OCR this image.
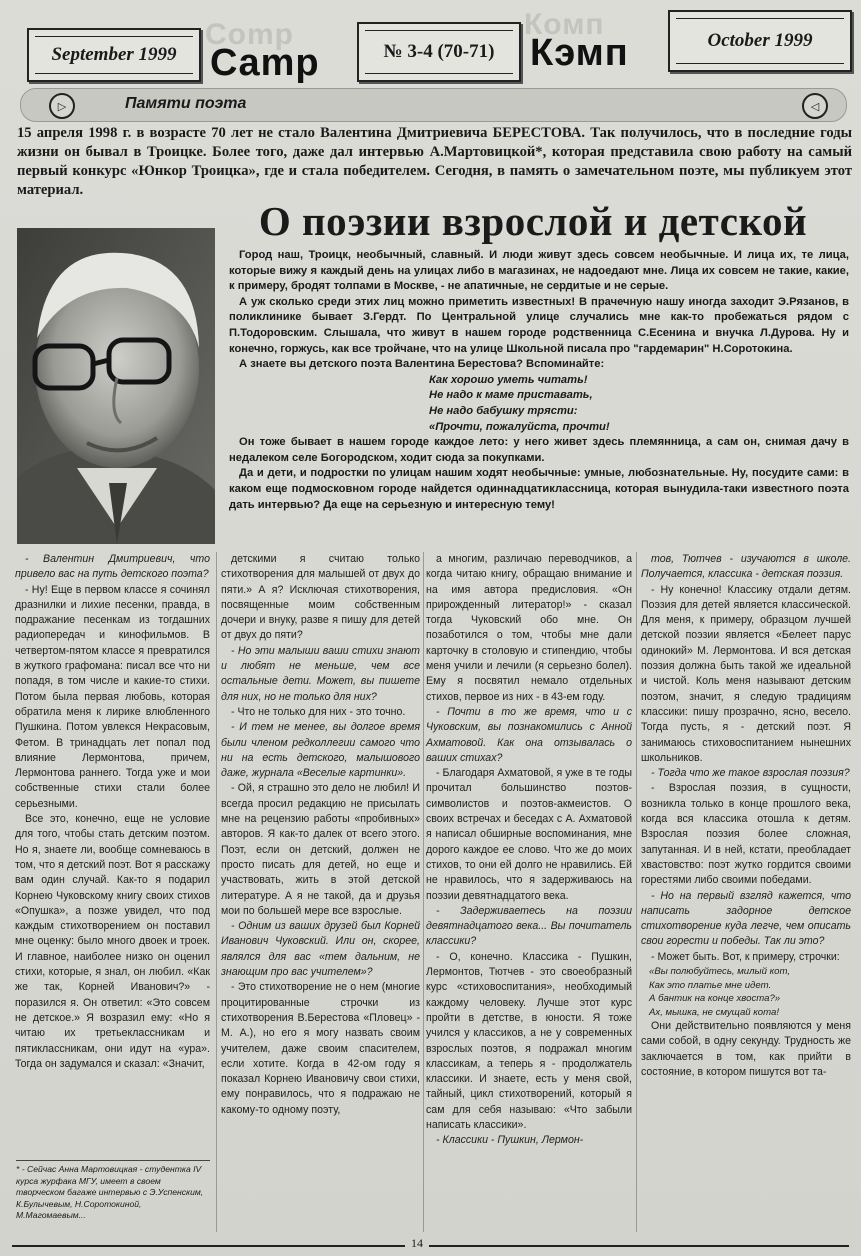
September 1999
Comp
Camp	№ 3-4 (70-71)
Комп
Кэмп	October 1999
▷	Памяти поэта	◁
15 апреля 1998 г. в возрасте 70 лет не стало Валентина Дмитриевича БЕРЕСТОВА. Так получилось, что в последние годы жизни он бывал в Троицке. Более того, даже дал интервью А.Мартовицкой*, которая представила свою работу на самый первый конкурс «Юнкор Троицка», где и стала победителем. Сегодня, в память о замечательном поэте, мы публикуем этот материал.
О поэзии взрослой и детской

Город наш, Троицк, необычный, славный. И люди живут здесь совсем необычные. И лица их, те лица, которые вижу я каждый день на улицах либо в магазинах, не надоедают мне. Лица их совсем не такие, какие, к примеру, бродят толпами в Москве, - не апатичные, не сердитые и не серые.

А уж сколько среди этих лиц можно приметить известных! В прачечную нашу иногда заходит Э.Рязанов, в поликлинике бывает З.Гердт. По Центральной улице случались мне как-то пробежаться рядом с П.Тодоровским. Слышала, что живут в нашем городе родственница С.Есенина и внучка Л.Дурова. Ну и конечно, горжусь, как все тройчане, что на улице Школьной писала про "гардемарин" Н.Соротокина.

А знаете вы детского поэта Валентина Берестова? Вспоминайте:

Как хорошо уметь читать!
Не надо к маме приставать,
Не надо бабушку трясти:
«Прочти, пожалуйста, прочти!

Он тоже бывает в нашем городе каждое лето: у него живет здесь племянница, а сам он, снимая дачу в недалеком селе Богородском, ходит сюда за покупками.

Да и дети, и подростки по улицам нашим ходят необычные: умные, любознательные. Ну, посудите сами: в каком еще подмосковном городе найдется одиннадцатиклассница, которая вынудила-таки известного поэта дать интервью? Да еще на серьезную и интересную тему!

- Валентин Дмитриевич, что привело вас на путь детского поэта?

- Ну! Еще в первом классе я сочинял дразнилки и лихие песенки, правда, в подражание песенкам из тогдашних радиопередач и кинофильмов. В четвертом-пятом классе я превратился в жуткого графомана: писал все что ни попадя, в том числе и какие-то стихи. Потом была первая любовь, которая обратила меня к лирике влюбленного Пушкина. Потом увлекся Некрасовым, Фетом. В тринадцать лет попал под влияние Лермонтова, причем, Лермонтова раннего. Тогда уже и мои собственные стихи стали более серьезными.

Все это, конечно, еще не условие для того, чтобы стать детским поэтом. Но я, знаете ли, вообще сомневаюсь в том, что я детский поэт. Вот я расскажу вам один случай. Как-то я подарил Корнею Чуковскому книгу своих стихов «Опушка», а позже увидел, что под каждым стихотворением он поставил мне оценку: было много двоек и троек. И главное, наиболее низко он оценил стихи, которые, я знал, он любил. «Как же так, Корней Иванович?» - поразился я. Он ответил: «Это совсем не детское.» Я возразил ему: «Но я читаю их третьеклассникам и пятиклассникам, они идут на «ура». Тогда он задумался и сказал: «Значит,

детскими я считаю только стихотворения для малышей от двух до пяти.» А я? Исключая стихотворения, посвященные моим собственным дочери и внуку, разве я пишу для детей от двух до пяти?

- Но эти малыши ваши стихи знают и любят не меньше, чем все остальные дети. Может, вы пишете для них, но не только для них?

- Что не только для них - это точно.

- И тем не менее, вы долгое время были членом редколлегии самого что ни на есть детского, малышового даже, журнала «Веселые картинки».

- Ой, я страшно это дело не любил! И всегда просил редакцию не присылать мне на рецензию работы «пробивных» авторов. Я как-то далек от всего этого. Поэт, если он детский, должен не просто писать для детей, но еще и участвовать, жить в этой детской литературе. А я не такой, да и друзья мои по большей мере все взрослые.

- Одним из ваших друзей был Корней Иванович Чуковский. Или он, скорее, являлся для вас «тем дальним, не знающим про вас учителем»?

- Это стихотворение не о нем (многие процитированные строчки из стихотворения В.Берестова «Пловец» - М. А.), но его я могу назвать своим учителем, даже своим спасителем, если хотите. Когда в 42-ом году я показал Корнею Ивановичу свои стихи, ему понравилось, что я подражаю не какому-то одному поэту,

а многим, различаю переводчиков, а когда читаю книгу, обращаю внимание и на имя автора предисловия. «Он прирожденный литератор!» - сказал тогда Чуковский обо мне. Он позаботился о том, чтобы мне дали карточку в столовую и стипендию, чтобы меня учили и лечили (я серьезно болел). Ему я посвятил немало отдельных стихов, первое из них - в 43-ем году.

- Почти в то же время, что и с Чуковским, вы познакомились с Анной Ахматовой. Как она отзывалась о ваших стихах?

- Благодаря Ахматовой, я уже в те годы прочитал большинство поэтов-символистов и поэтов-акмеистов. О своих встречах и беседах с А. Ахматовой я написал обширные воспоминания, мне дорого каждое ее слово. Что же до моих стихов, то они ей долго не нравились. Ей не нравилось, что я задерживаюсь на поэзии девятнадцатого века.

- Задерживаетесь на поэзии девятнадцатого века... Вы почитатель классики?

- О, конечно. Классика - Пушкин, Лермонтов, Тютчев - это своеобразный курс «стиховоспитания», необходимый каждому человеку. Лучше этот курс пройти в детстве, в юности. Я тоже учился у классиков, а не у современных взрослых поэтов, я подражал многим классикам, а теперь я - продолжатель классики. И знаете, есть у меня свой, тайный, цикл стихотворений, который я сам для себя называю: «Что забыли написать классики».

- Классики - Пушкин, Лермон-

тов, Тютчев - изучаются в школе. Получается, классика - детская поэзия.

- Ну конечно! Классику отдали детям. Поэзия для детей является классической. Для меня, к примеру, образцом лучшей детской поэзии является «Белеет парус одинокий» М. Лермонтова. И вся детская поэзия должна быть такой же идеальной и чистой. Коль меня называют детским поэтом, значит, я следую традициям классики: пишу прозрачно, ясно, весело. Тогда пусть, я - детский поэт. Я занимаюсь стиховоспитанием нынешних школьников.

- Тогда что же такое взрослая поэзия?

- Взрослая поэзия, в сущности, возникла только в конце прошлого века, когда вся классика отошла к детям. Взрослая поэзия более сложная, запутанная. И в ней, кстати, преобладает хвастовство: поэт жутко гордится своими горестями либо своими победами.

- Но на первый взгляд кажется, что написать задорное детское стихотворение куда легче, чем описать свои горести и победы. Так ли это?

- Может быть. Вот, к примеру, строчки:

«Вы полюбуйтесь, милый кот,
Как это платье мне идет.
А бантик на конце хвоста?»
Ах, мышка, не смущай кота!

Они действительно появляются у меня сами собой, в одну секунду. Трудность же заключается в том, как прийти в состояние, в котором пишутся вот та-

* - Сейчас Анна Мартовицкая - студентка IV курса журфака МГУ, имеет в своем творческом багаже интервью с Э.Успенским, К.Булычевым, Н.Соротокиной, М.Магомаевым...
14
